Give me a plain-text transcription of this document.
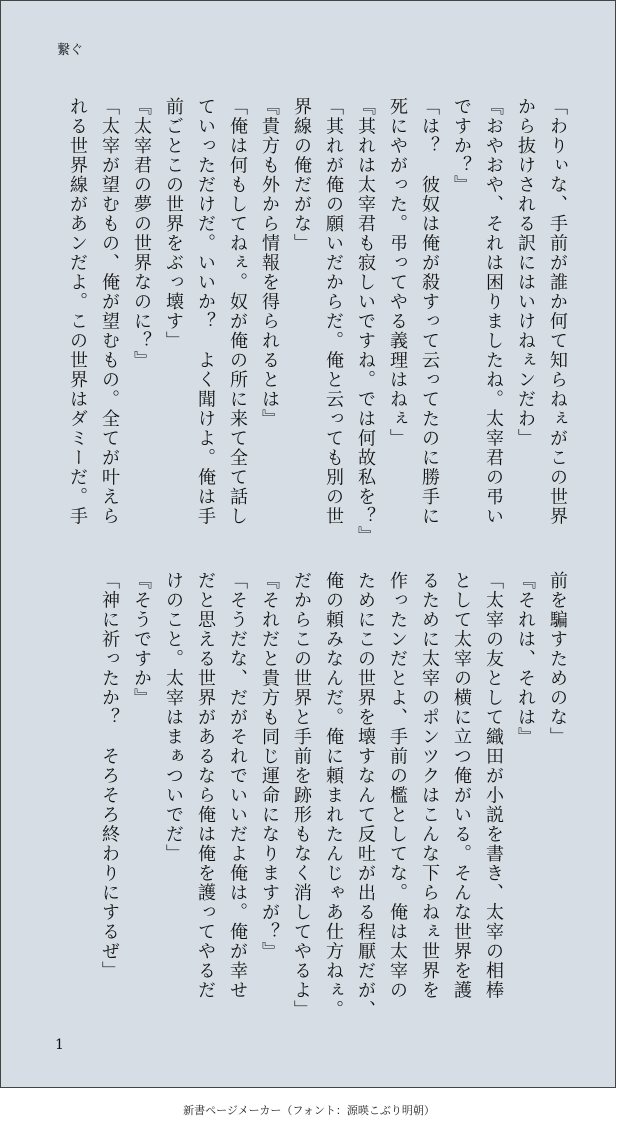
繋ぐ
「わりぃな、手前が誰か何て知らねぇがこの世界
から抜けされる訳にはいけねぇンだわ」
『おやおや、それは困りましたね。太宰君の弔い
ですか？』
「は？　彼奴は俺が殺すって云ってたのに勝手に
死にやがった。弔ってやる義理はねぇ」
『其れは太宰君も寂しいですね。では何故私を？』
「其れが俺の願いだからだ。俺と云っても別の世
界線の俺だがな」
『貴方も外から情報を得られるとは』
「俺は何もしてねぇ。奴が俺の所に来て全て話し
ていっただけだ。いいか？　よく聞けよ。俺は手
前ごとこの世界をぶっ壊す」
『太宰君の夢の世界なのに？』
「太宰が望むもの、俺が望むもの。全てが叶えら
れる世界線があンだよ。この世界はダミーだ。手
前を騙すためのな」
『それは、それは』
「太宰の友として織田が小説を書き、太宰の相棒
として太宰の横に立つ俺がいる。そんな世界を護
るために太宰のポンツクはこんな下らねぇ世界を
作ったンだとよ、手前の檻としてな。俺は太宰の
ためにこの世界を壊すなんて反吐が出る程厭だが、
俺の頼みなんだ。俺に頼まれたんじゃあ仕方ねぇ。
だからこの世界と手前を跡形もなく消してやるよ」
『それだと貴方も同じ運命になりますが？』
「そうだな、だがそれでいいだよ俺は。俺が幸せ
だと思える世界があるなら俺は俺を護ってやるだ
けのこと。太宰はまぁついでだ」
『そうですか』
「神に祈ったか？　そろそろ終わりにするぜ」
1
新書ページメーカー（フォント：源暎こぶり明朝）
